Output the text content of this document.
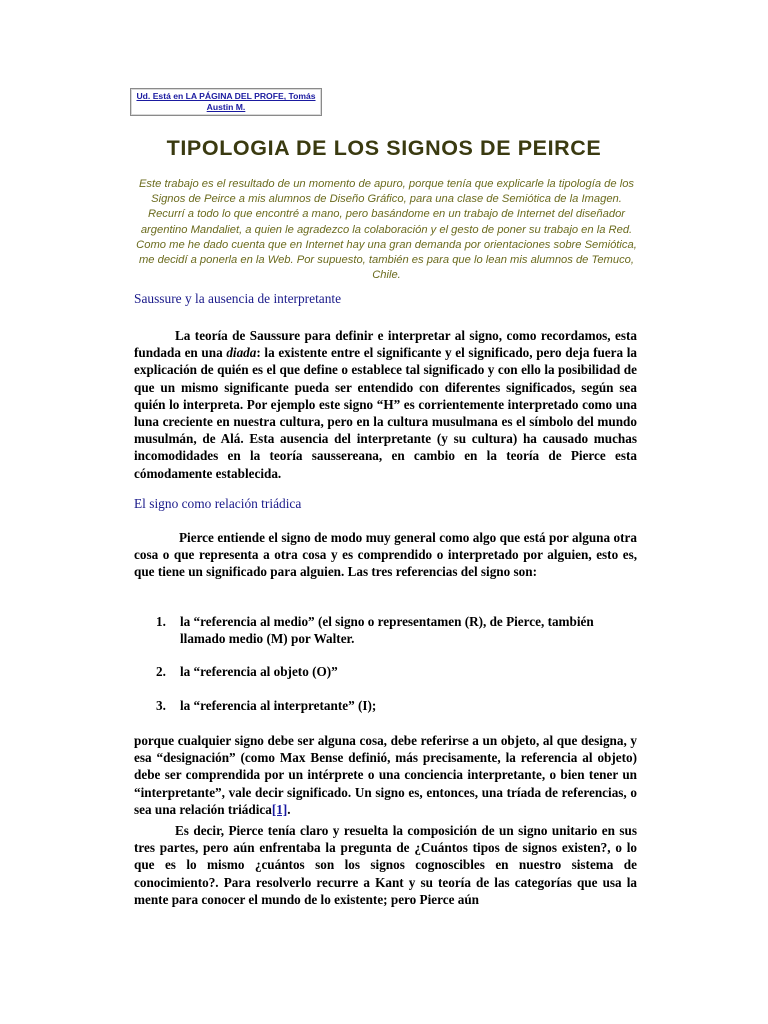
Ud. Está en LA PÁGINA DEL PROFE, Tomás
Austin M.
TIPOLOGIA DE LOS SIGNOS DE PEIRCE

Este trabajo es el resultado de un momento de apuro, porque tenía que explicarle la tipología de los Signos de Peirce a mis alumnos de Diseño Gráfico, para una clase de Semiótica de la Imagen. Recurrí a todo lo que encontré a mano, pero basándome en un trabajo de Internet del diseñador argentino Mandaliet, a quien le agradezco la colaboración y el gesto de poner su trabajo en la Red. Como me he dado cuenta que en Internet hay una gran demanda por orientaciones sobre Semiótica, me decidí a ponerla en la Web. Por supuesto, también es para que lo lean mis alumnos de Temuco, Chile.

Saussure y la ausencia de interpretante

La teoría de Saussure para definir e interpretar al signo, como recordamos, esta fundada en una diada: la existente entre el significante y el significado, pero deja fuera la explicación de quién es el que define o establece tal significado y con ello la posibilidad de que un mismo significante pueda ser entendido con diferentes significados, según sea quién lo interpreta. Por ejemplo este signo “H” es corrientemente interpretado como una luna creciente en nuestra cultura, pero en la cultura musulmana es el símbolo del mundo musulmán, de Alá. Esta ausencia del interpretante (y su cultura) ha causado muchas incomodidades en la teoría saussereana, en cambio en la teoría de Pierce esta cómodamente establecida.

El signo como relación triádica

Pierce entiende el signo de modo muy general como algo que está por alguna otra cosa o que representa a otra cosa y es comprendido o interpretado por alguien, esto es, que tiene un significado para alguien. Las tres referencias del signo son:

1. la “referencia al medio” (el signo o representamen (R), de Pierce, también llamado medio (M) por Walter.
2. la “referencia al objeto (O)”
3. la “referencia al interpretante” (I);

porque cualquier signo debe ser alguna cosa, debe referirse a un objeto, al que designa, y esa “designación” (como Max Bense definió, más precisamente, la referencia al objeto) debe ser comprendida por un intérprete o una conciencia interpretante, o bien tener un “interpretante”, vale decir significado. Un signo es, entonces, una tríada de referencias, o sea una relación triádica[1].

Es decir, Pierce tenía claro y resuelta la composición de un signo unitario en sus tres partes, pero aún enfrentaba la pregunta de ¿Cuántos tipos de signos existen?, o lo que es lo mismo ¿cuántos son los signos cognoscibles en nuestro sistema de conocimiento?. Para resolverlo recurre a Kant y su teoría de las categorías que usa la mente para conocer el mundo de lo existente; pero Pierce aún
